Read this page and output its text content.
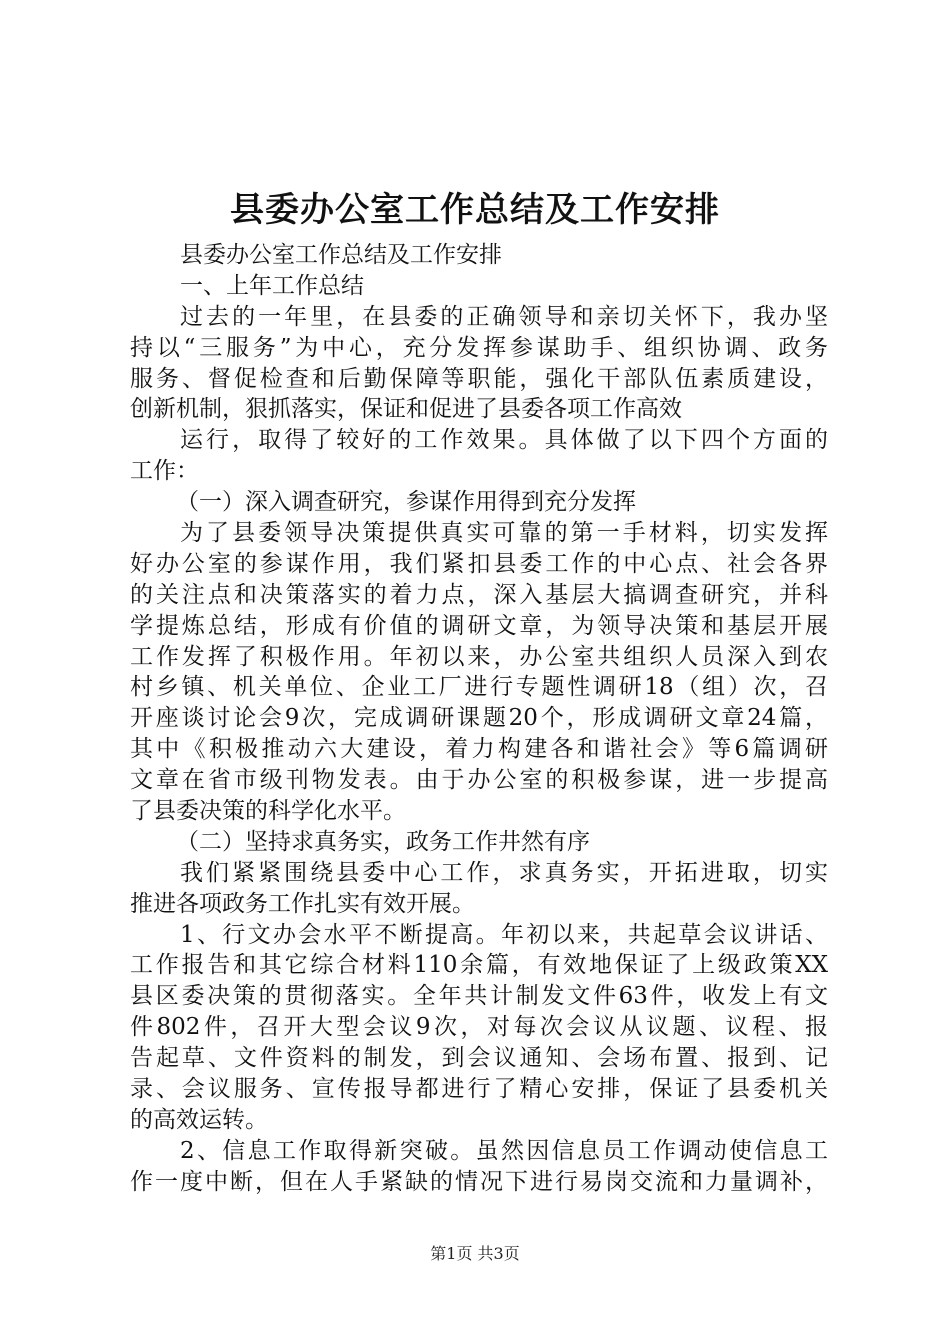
县委办公室工作总结及工作安排
县委办公室工作总结及工作安排
一、上年工作总结
过去的一年里，在县委的正确领导和亲切关怀下，我办坚
持以“三服务”为中心，充分发挥参谋助手、组织协调、政务
服务、督促检查和后勤保障等职能，强化干部队伍素质建设，
创新机制，狠抓落实，保证和促进了县委各项工作高效
运行，取得了较好的工作效果。具体做了以下四个方面的
工作：
（一）深入调查研究，参谋作用得到充分发挥
为了县委领导决策提供真实可靠的第一手材料，切实发挥
好办公室的参谋作用，我们紧扣县委工作的中心点、社会各界
的关注点和决策落实的着力点，深入基层大搞调查研究，并科
学提炼总结，形成有价值的调研文章，为领导决策和基层开展
工作发挥了积极作用。年初以来，办公室共组织人员深入到农
村乡镇、机关单位、企业工厂进行专题性调研18（组）次，召
开座谈讨论会9次，完成调研课题20个，形成调研文章24篇，
其中《积极推动六大建设，着力构建各和谐社会》等6篇调研
文章在省市级刊物发表。由于办公室的积极参谋，进一步提高
了县委决策的科学化水平。
（二）坚持求真务实，政务工作井然有序
我们紧紧围绕县委中心工作，求真务实，开拓进取，切实
推进各项政务工作扎实有效开展。
1、行文办会水平不断提高。年初以来，共起草会议讲话、
工作报告和其它综合材料110余篇，有效地保证了上级政策XX
县区委决策的贯彻落实。全年共计制发文件63件，收发上有文
件802件，召开大型会议9次，对每次会议从议题、议程、报
告起草、文件资料的制发，到会议通知、会场布置、报到、记
录、会议服务、宣传报导都进行了精心安排，保证了县委机关
的高效运转。
2、信息工作取得新突破。虽然因信息员工作调动使信息工
作一度中断，但在人手紧缺的情况下进行易岗交流和力量调补，
第1页 共3页
